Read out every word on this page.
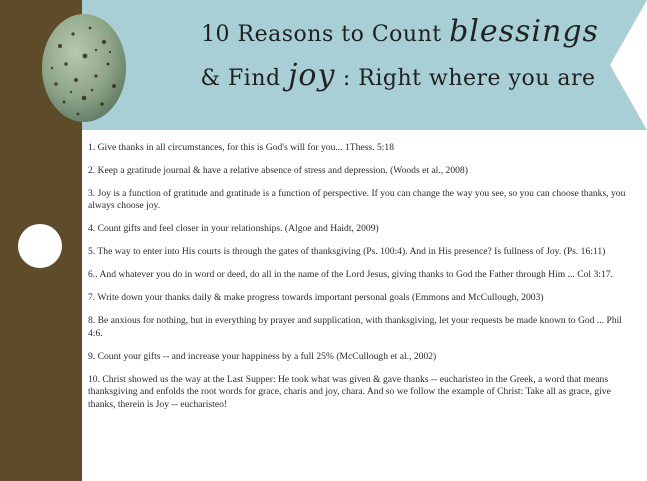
10 Reasons to Count blessings
& Find joy : Right where you are
1. Give thanks in all circumstances, for this is God's will for you... 1Thess. 5:18
2. Keep a gratitude journal & have a relative absence of stress and depression. (Woods et al., 2008)
3. Joy is a function of gratitude and gratitude is a function of perspective. If you can change the way you see, so you can choose thanks, you always choose joy.
4. Count gifts and feel closer in your relationships. (Algoe and Haidt, 2009)
5. The way to enter into His courts is through the gates of thanksgiving (Ps. 100:4). And in His presence? Is fullness of Joy. (Ps. 16:11)
6.. And whatever you do in word or deed, do all in the name of the Lord Jesus, giving thanks to God the Father through Him ... Col 3:17.
7. Write down your thanks daily & make progress towards important personal goals (Emmons and McCullough, 2003)
8. Be anxious for nothing, but in everything by prayer and supplication, with thanksgiving, let your requests be made known to God ... Phil 4:6.
9. Count your gifts -- and increase your happiness by a full 25% (McCullough et al., 2002)
10. Christ showed us the way at the Last Supper: He took what was given & gave thanks -- eucharisteo in the Greek, a word that means thanksgiving and enfolds the root words for grace, charis and joy, chara. And so we follow the example of Christ: Take all as grace, give thanks, therein is Joy -- eucharisteo!
